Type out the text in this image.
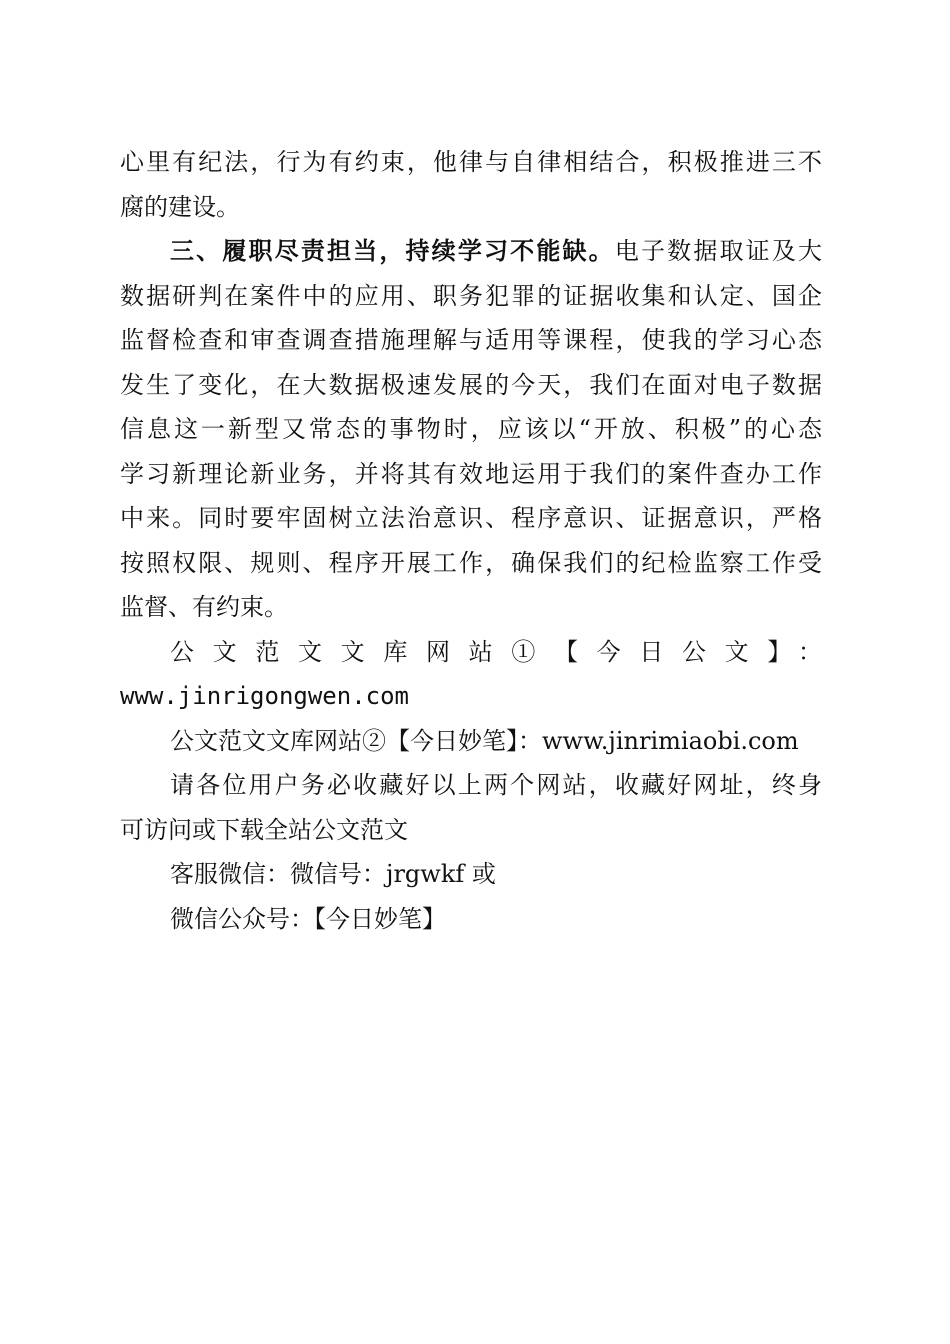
心里有纪法，行为有约束，他律与自律相结合，积极推进三不
腐的建设。
三、履职尽责担当，持续学习不能缺。电子数据取证及大
数据研判在案件中的应用、职务犯罪的证据收集和认定、国企
监督检查和审查调查措施理解与适用等课程，使我的学习心态
发生了变化，在大数据极速发展的今天，我们在面对电子数据
信息这一新型又常态的事物时，应该以“开放、积极”的心态
学习新理论新业务，并将其有效地运用于我们的案件查办工作
中来。同时要牢固树立法治意识、程序意识、证据意识，严格
按照权限、规则、程序开展工作，确保我们的纪检监察工作受
监督、有约束。
公文范文文库网站①【今日公文】：
www.jinrigongwen.com
公文范文文库网站②【今日妙笔】：www.jinrimiaobi.com
请各位用户务必收藏好以上两个网站，收藏好网址，终身
可访问或下载全站公文范文
客服微信：微信号：jrgwkf 或
微信公众号：【今日妙笔】
